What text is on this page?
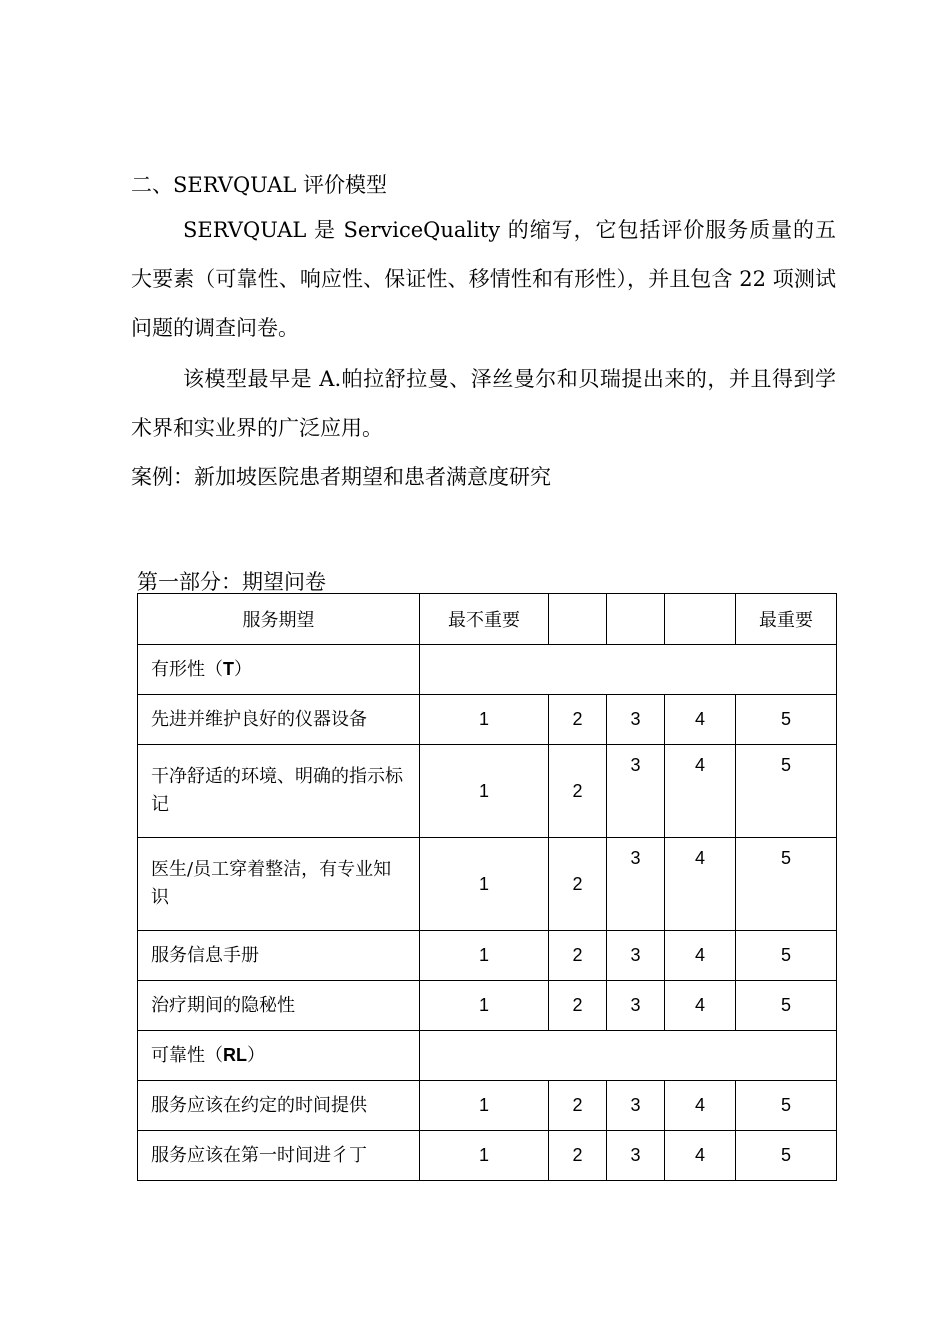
二、SERVQUAL 评价模型
SERVQUAL 是 ServiceQuality 的缩写，它包括评价服务质量的五大要素（可靠性、响应性、保证性、移情性和有形性），并且包含 22 项测试问题的调查问卷。
该模型最早是 A.帕拉舒拉曼、泽丝曼尔和贝瑞提出来的，并且得到学术界和实业界的广泛应用。
案例：新加坡医院患者期望和患者满意度研究
第一部分：期望问卷
服务期望	最不重要				最重要
有形性（T）					
先进并维护良好的仪器设备	1	2	3	4	5

干净舒适的环境、明确的指示标
记	1	2	3	4	5

医生/员工穿着整洁，有专业知
识	1	2	3	4	5
服务信息手册	1	2	3	4	5
治疗期间的隐秘性	1	2	3	4	5
可靠性（RL）					
服务应该在约定的时间提供	1	2	3	4	5
服务应该在第一时间进彳丁	1	2	3	4	5
